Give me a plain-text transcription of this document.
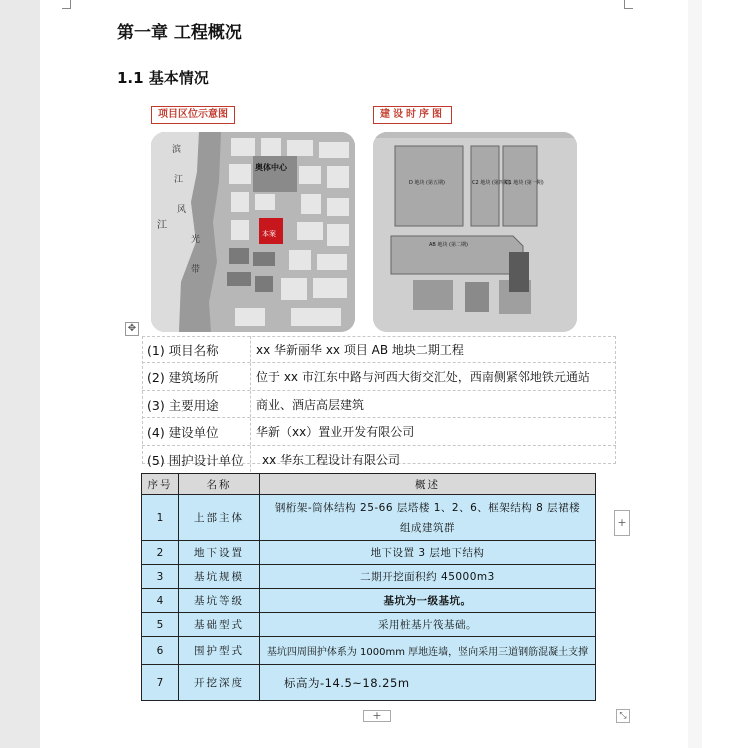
第一章 工程概况
1.1 基本情况
项目区位示意图
奥体中心
本案
滨
江
风
光
带
江
建设时序图
D 地块 (第五期)	C2 地块 (第四期)
C1 地块 (第一期)
AB 地块 (第二期)
✥
(1) 项目名称	xx 华新丽华 xx 项目 AB 地块二期工程
(2) 建筑场所	位于 xx 市江东中路与河西大街交汇处，西南侧紧邻地铁元通站
(3) 主要用途	商业、酒店高层建筑
(4) 建设单位	华新（xx）置业开发有限公司
(5) 围护设计单位 xx 华东工程设计有限公司
序号	名称	概述
1	上部主体	钢桁架-筒体结构 25-66 层塔楼 1、2、6、框架结构 8 层裙楼
组成建筑群

2	地下设置	地下设置 3 层地下结构
3	基坑规模	二期开挖面积约 45000m3
4	基坑等级	基坑为一级基坑。
5	基础型式	采用桩基片筏基础。
6	围护型式	基坑四周围护体系为 1000mm 厚地连墙，竖向采用三道钢筋混凝土支撑
7	开挖深度	标高为-14.5~18.25m
+
+	⤡
